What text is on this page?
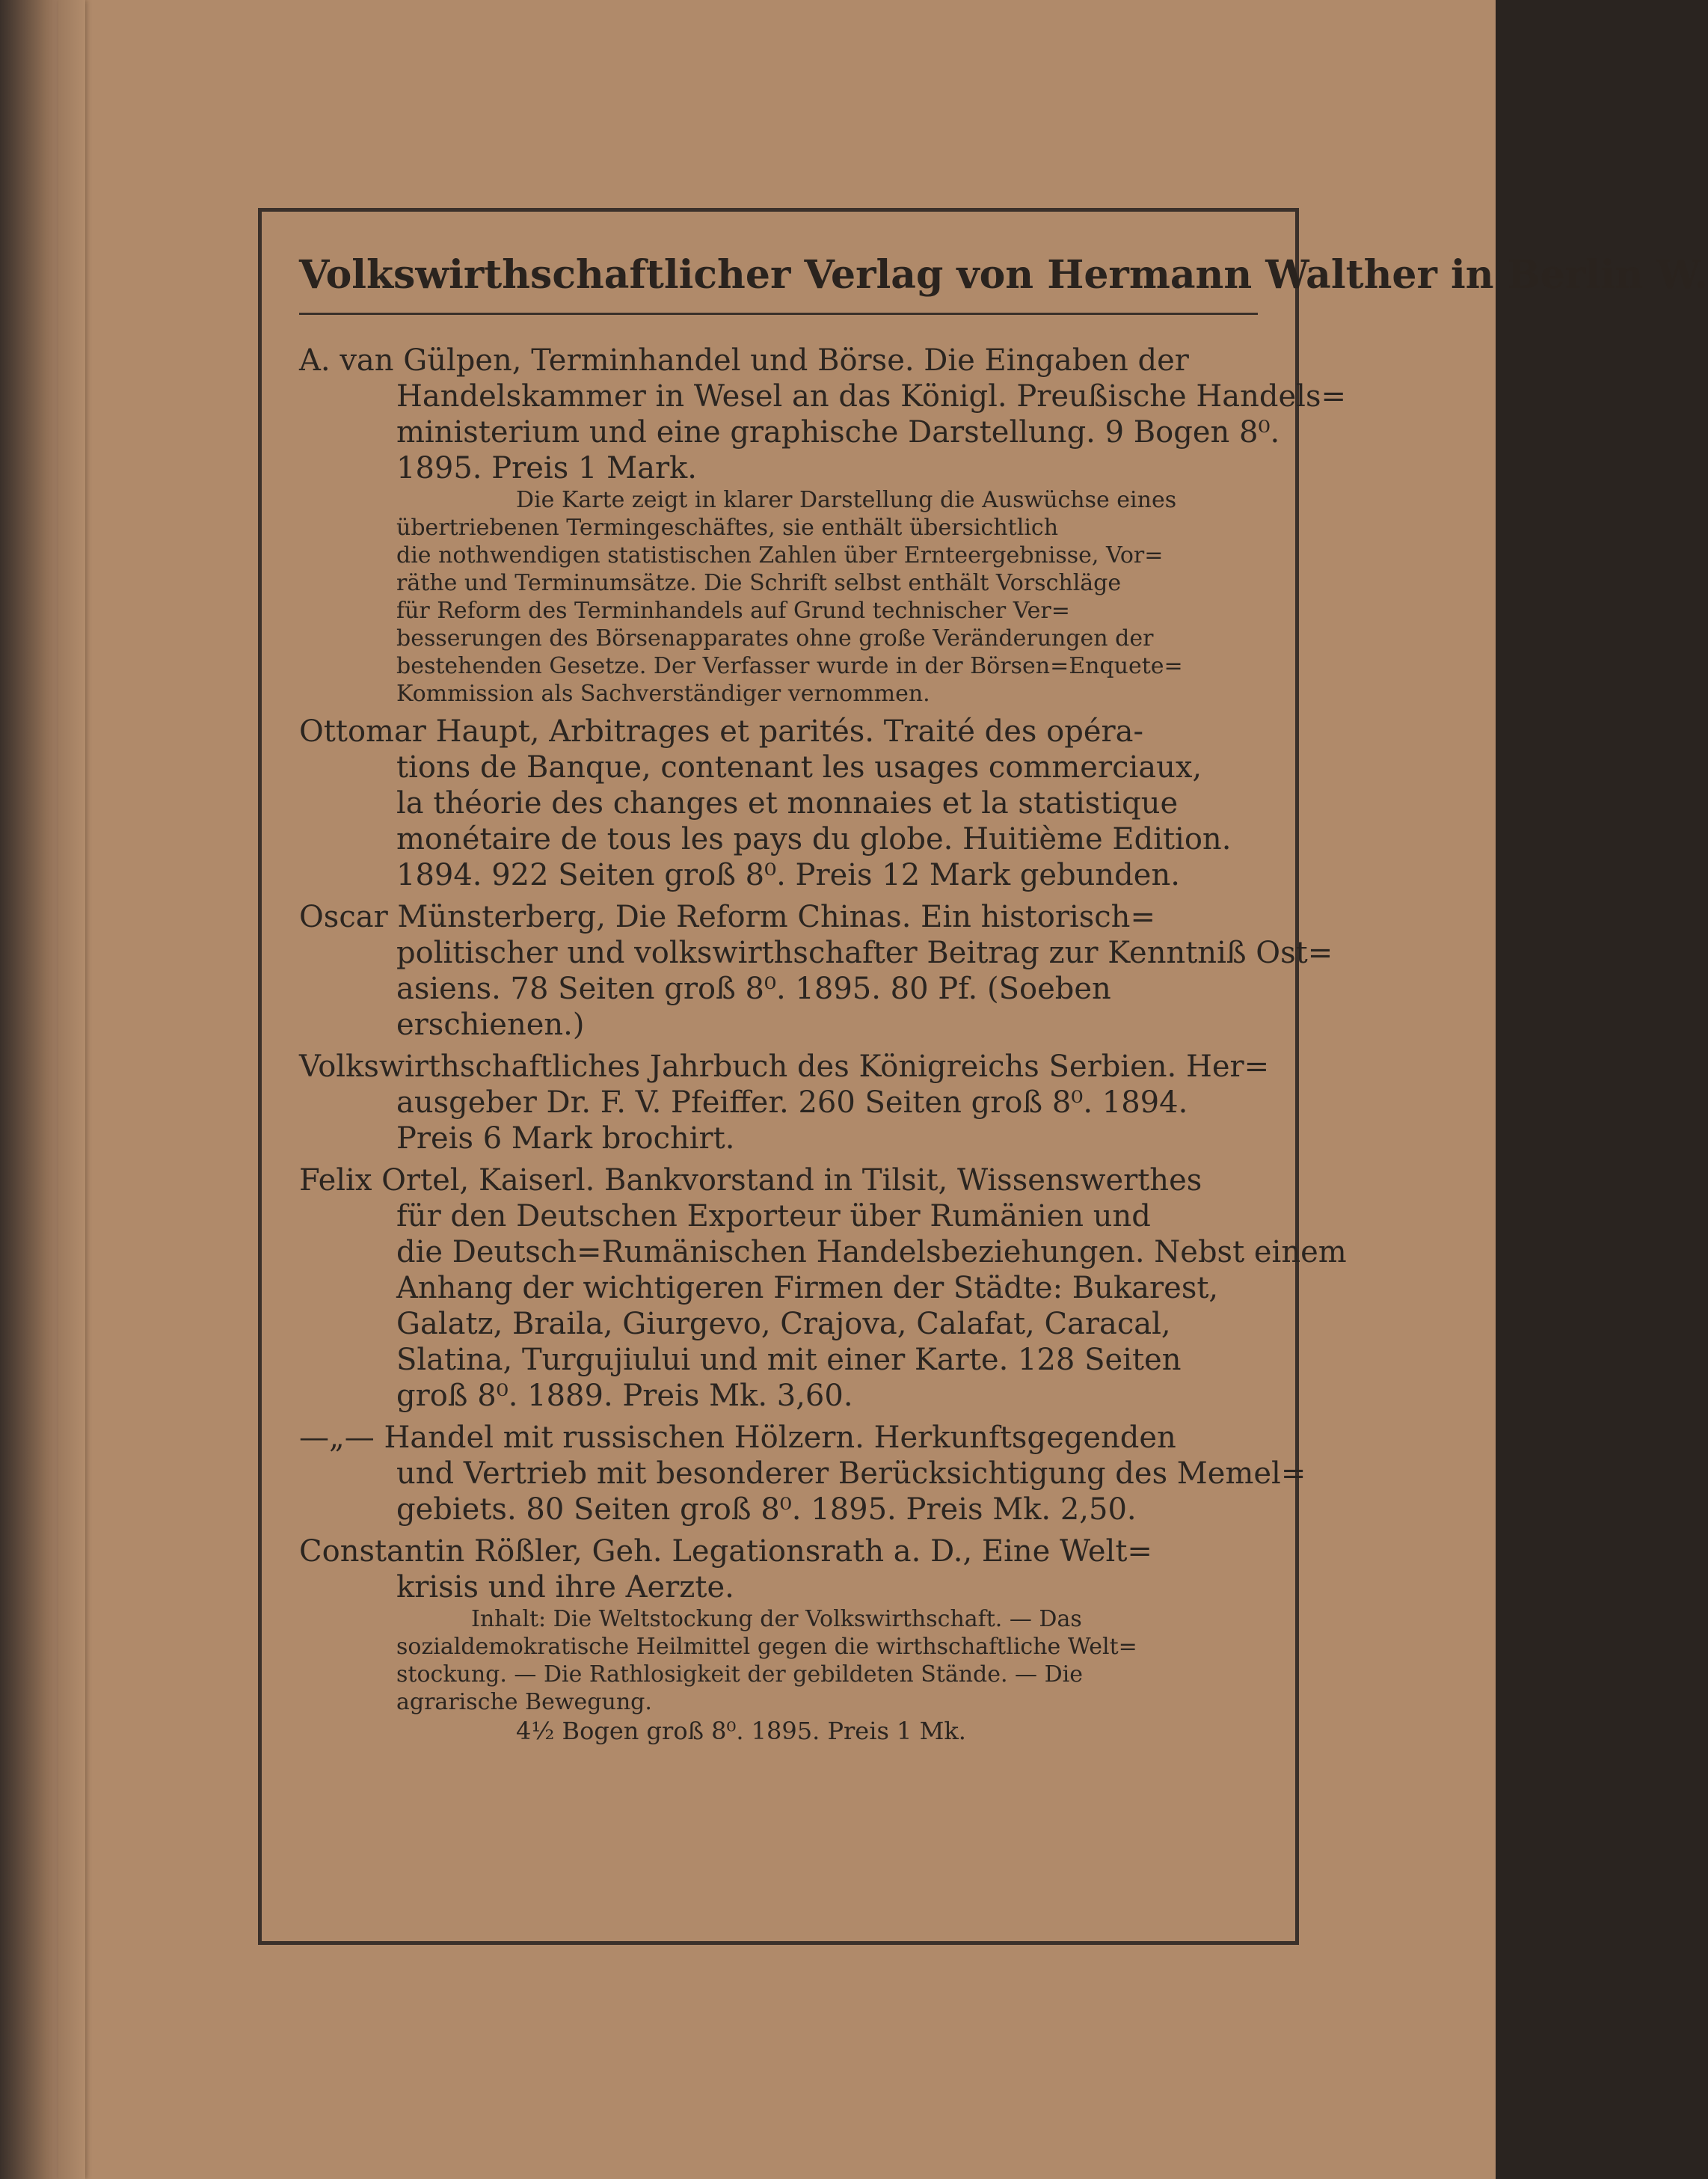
Volkswirthschaftlicher Verlag von Hermann Walther in Berlin W.
A. van Gülpen, Terminhandel und Börse. Die Eingaben der
Handelskammer in Wesel an das Königl. Preußische Handels=
ministerium und eine graphische Darstellung. 9 Bogen 8⁰.
1895. Preis 1 Mark.
Die Karte zeigt in klarer Darstellung die Auswüchse eines
übertriebenen Termingeschäftes, sie enthält übersichtlich
die nothwendigen statistischen Zahlen über Ernteergebnisse, Vor=
räthe und Terminumsätze. Die Schrift selbst enthält Vorschläge
für Reform des Terminhandels auf Grund technischer Ver=
besserungen des Börsenapparates ohne große Veränderungen der
bestehenden Gesetze. Der Verfasser wurde in der Börsen=Enquete=
Kommission als Sachverständiger vernommen.
Ottomar Haupt, Arbitrages et parités. Traité des opéra-
tions de Banque, contenant les usages commerciaux,
la théorie des changes et monnaies et la statistique
monétaire de tous les pays du globe. Huitième Edition.
1894. 922 Seiten groß 8⁰. Preis 12 Mark gebunden.
Oscar Münsterberg, Die Reform Chinas. Ein historisch=
politischer und volkswirthschafter Beitrag zur Kenntniß Ost=
asiens. 78 Seiten groß 8⁰. 1895. 80 Pf. (Soeben
erschienen.)
Volkswirthschaftliches Jahrbuch des Königreichs Serbien. Her=
ausgeber Dr. F. V. Pfeiffer. 260 Seiten groß 8⁰. 1894.
Preis 6 Mark brochirt.
Felix Ortel, Kaiserl. Bankvorstand in Tilsit, Wissenswerthes
für den Deutschen Exporteur über Rumänien und
die Deutsch=Rumänischen Handelsbeziehungen. Nebst einem
Anhang der wichtigeren Firmen der Städte: Bukarest,
Galatz, Braila, Giurgevo, Crajova, Calafat, Caracal,
Slatina, Turgujiului und mit einer Karte. 128 Seiten
groß 8⁰. 1889. Preis Mk. 3,60.
—„— Handel mit russischen Hölzern. Herkunftsgegenden
und Vertrieb mit besonderer Berücksichtigung des Memel=
gebiets. 80 Seiten groß 8⁰. 1895. Preis Mk. 2,50.
Constantin Rößler, Geh. Legationsrath a. D., Eine Welt=
krisis und ihre Aerzte.
Inhalt: Die Weltstockung der Volkswirthschaft. — Das
sozialdemokratische Heilmittel gegen die wirthschaftliche Welt=
stockung. — Die Rathlosigkeit der gebildeten Stände. — Die
agrarische Bewegung.
4½ Bogen groß 8⁰. 1895. Preis 1 Mk.
